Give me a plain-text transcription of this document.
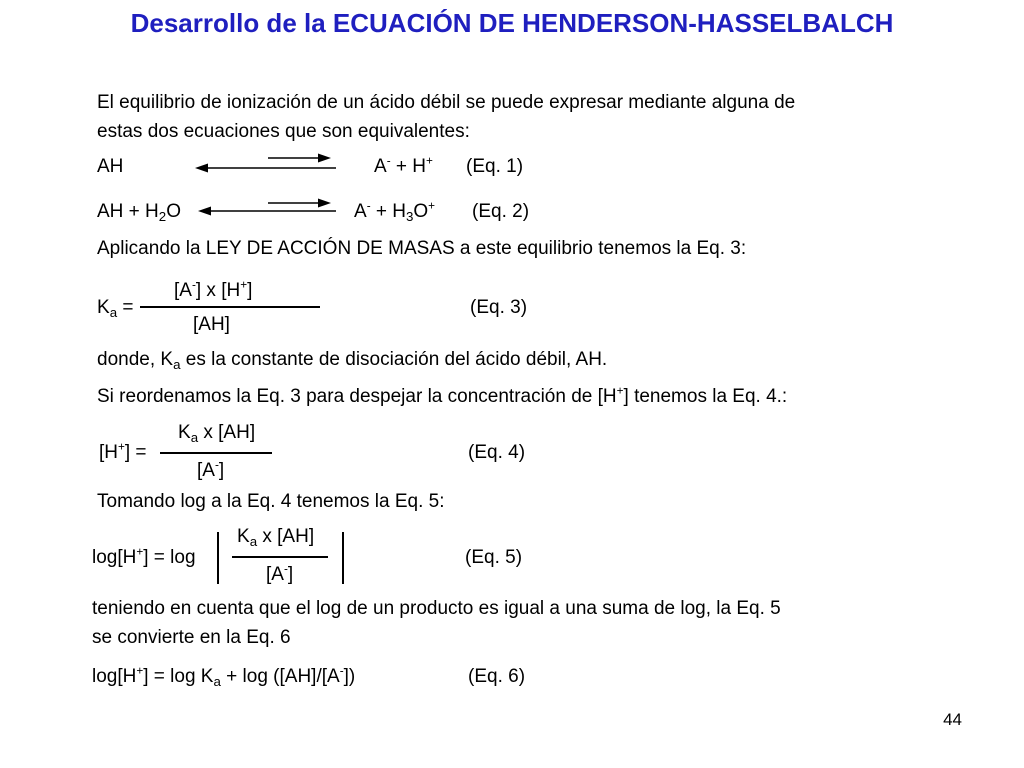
Desarrollo de la ECUACIÓN DE HENDERSON-HASSELBALCH
El equilibrio de ionización de un ácido débil se puede expresar mediante alguna de
estas dos ecuaciones que son equivalentes:
AH	A- + H+ (Eq. 1)
AH + $H_2O$	$A^- + H_3O^+$ (Eq. 2)
Aplicando la LEY DE ACCIÓN DE MASAS a este equilibrio tenemos la Eq. 3:
$K_a$ =
[A-] x [H+]
[AH]
(Eq. 3)
donde, $K_a$ es la constante de disociación del ácido débil, AH.
Si reordenamos la Eq. 3 para despejar la concentración de [H+] tenemos la Eq. 4.:
[H+] =
$K_a$ x [AH]
[A-]
(Eq. 4)
Tomando log a la Eq. 4 tenemos la Eq. 5:
log[H+] = log
$K_a$ x [AH]
[A-]
(Eq. 5)
teniendo en cuenta que el log de un producto es igual a una suma de log, la Eq. 5
se convierte en la Eq. 6
$\log[H^+] = \log K_a + \log ([AH]/[A^-])$	(Eq. 6)
44
